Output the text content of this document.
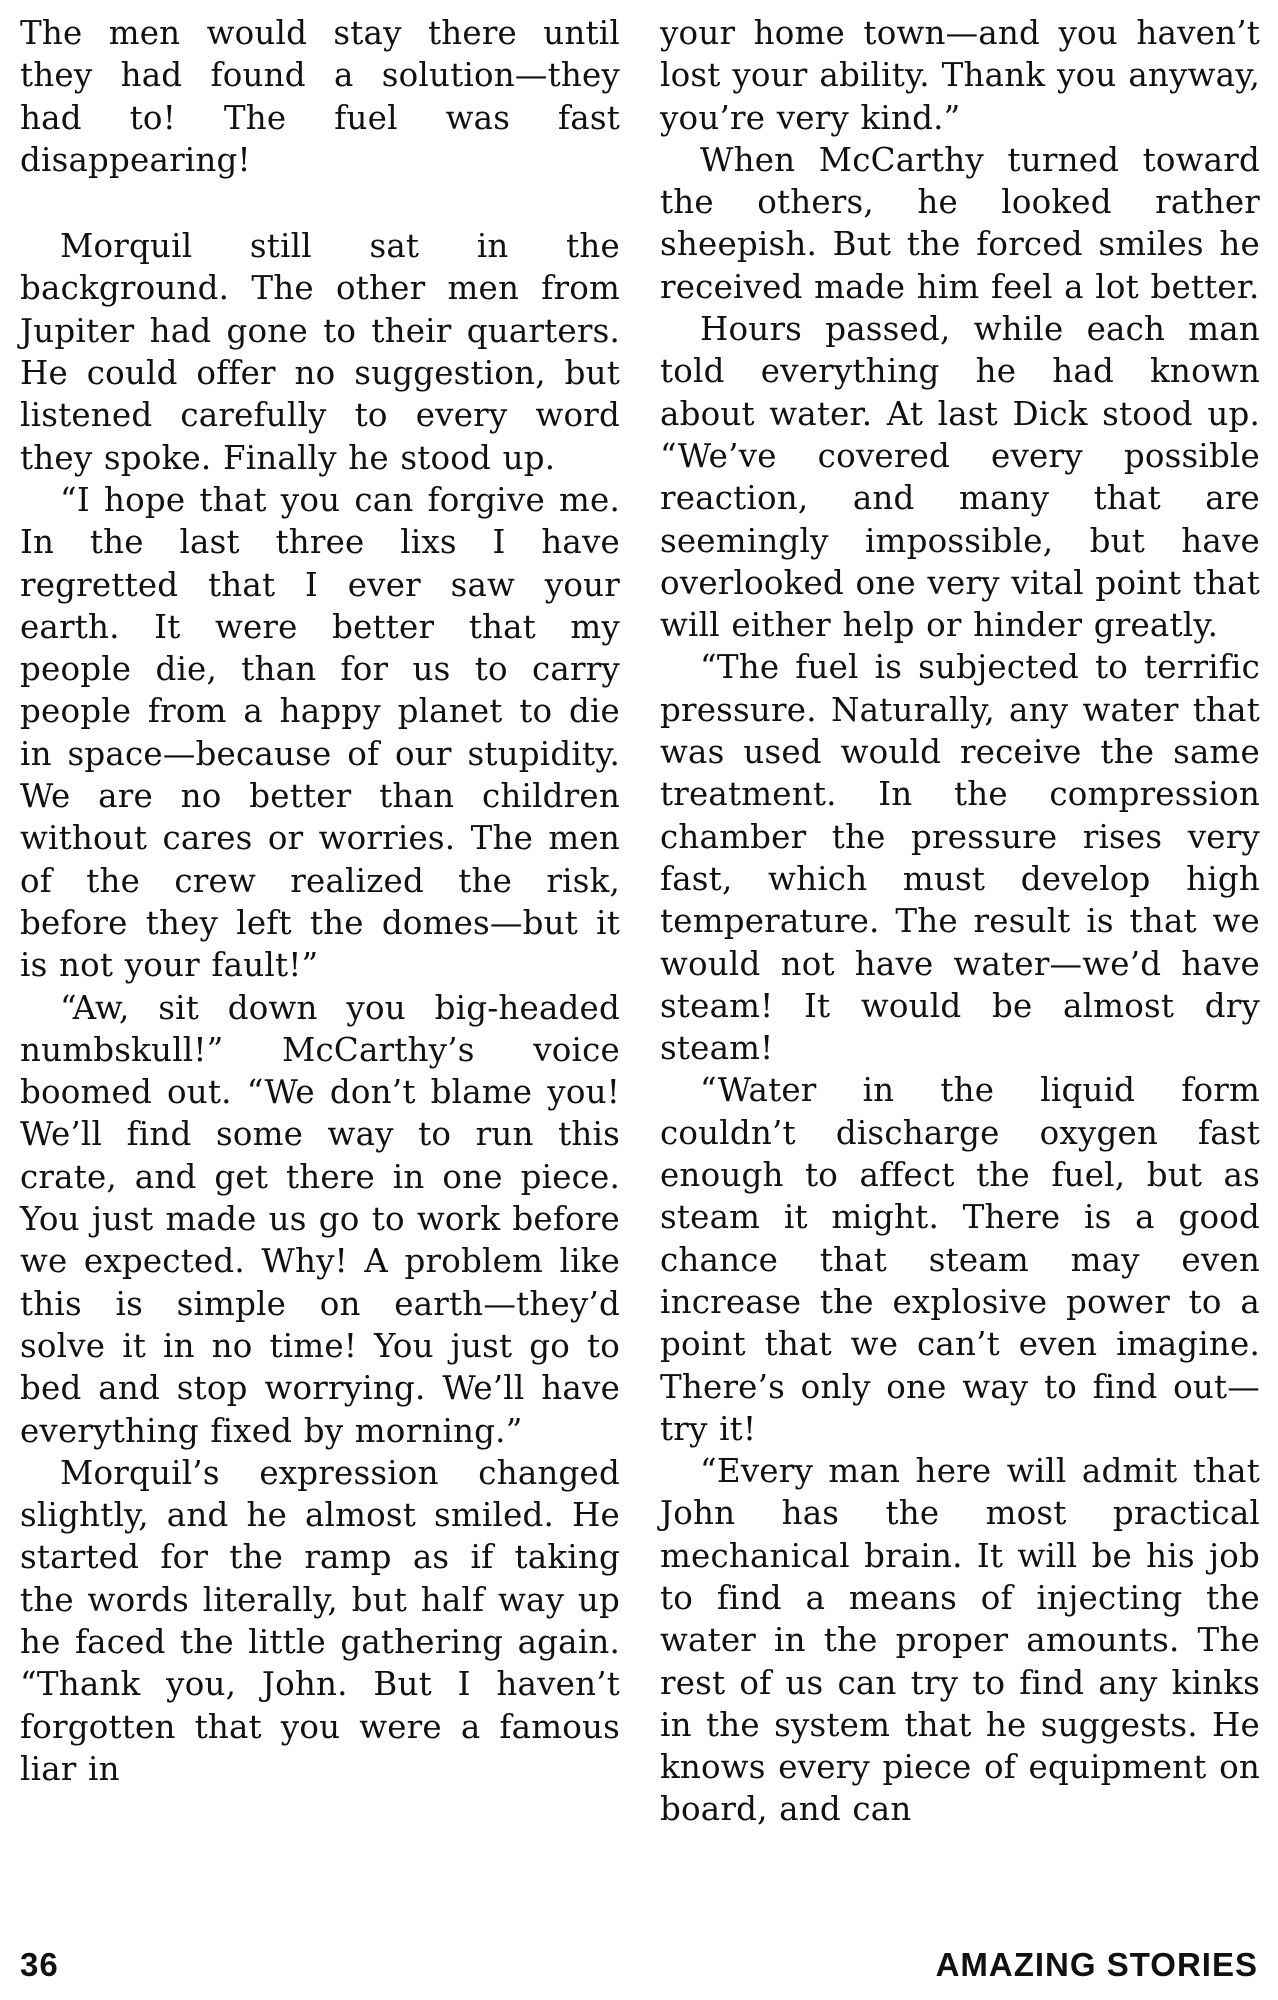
The men would stay there until they had found a solution—they had to! The fuel was fast disappearing!

Morquil still sat in the background. The other men from Jupiter had gone to their quarters. He could offer no suggestion, but listened carefully to every word they spoke. Finally he stood up.

“I hope that you can forgive me. In the last three lixs I have regretted that I ever saw your earth. It were better that my people die, than for us to carry people from a happy planet to die in space—because of our stupidity. We are no better than children without cares or worries. The men of the crew realized the risk, before they left the domes—but it is not your fault!”

“Aw, sit down you big-headed numbskull!” McCarthy’s voice boomed out. “We don’t blame you! We’ll find some way to run this crate, and get there in one piece. You just made us go to work before we expected. Why! A problem like this is simple on earth—they’d solve it in no time! You just go to bed and stop worrying. We’ll have everything fixed by morning.”

Morquil’s expression changed slightly, and he almost smiled. He started for the ramp as if taking the words literally, but half way up he faced the little gathering again. “Thank you, John. But I haven’t forgotten that you were a famous liar in

your home town—and you haven’t lost your ability. Thank you anyway, you’re very kind.”

When McCarthy turned toward the others, he looked rather sheepish. But the forced smiles he received made him feel a lot better.

Hours passed, while each man told everything he had known about water. At last Dick stood up. “We’ve covered every possible reaction, and many that are seemingly impossible, but have overlooked one very vital point that will either help or hinder greatly.

“The fuel is subjected to terrific pressure. Naturally, any water that was used would receive the same treatment. In the compression chamber the pressure rises very fast, which must develop high temperature. The result is that we would not have water—we’d have steam! It would be almost dry steam!

“Water in the liquid form couldn’t discharge oxygen fast enough to affect the fuel, but as steam it might. There is a good chance that steam may even increase the explosive power to a point that we can’t even imagine. There’s only one way to find out—try it!

“Every man here will admit that John has the most practical mechanical brain. It will be his job to find a means of injecting the water in the proper amounts. The rest of us can try to find any kinks in the system that he suggests. He knows every piece of equipment on board, and can

36	AMAZING STORIES
